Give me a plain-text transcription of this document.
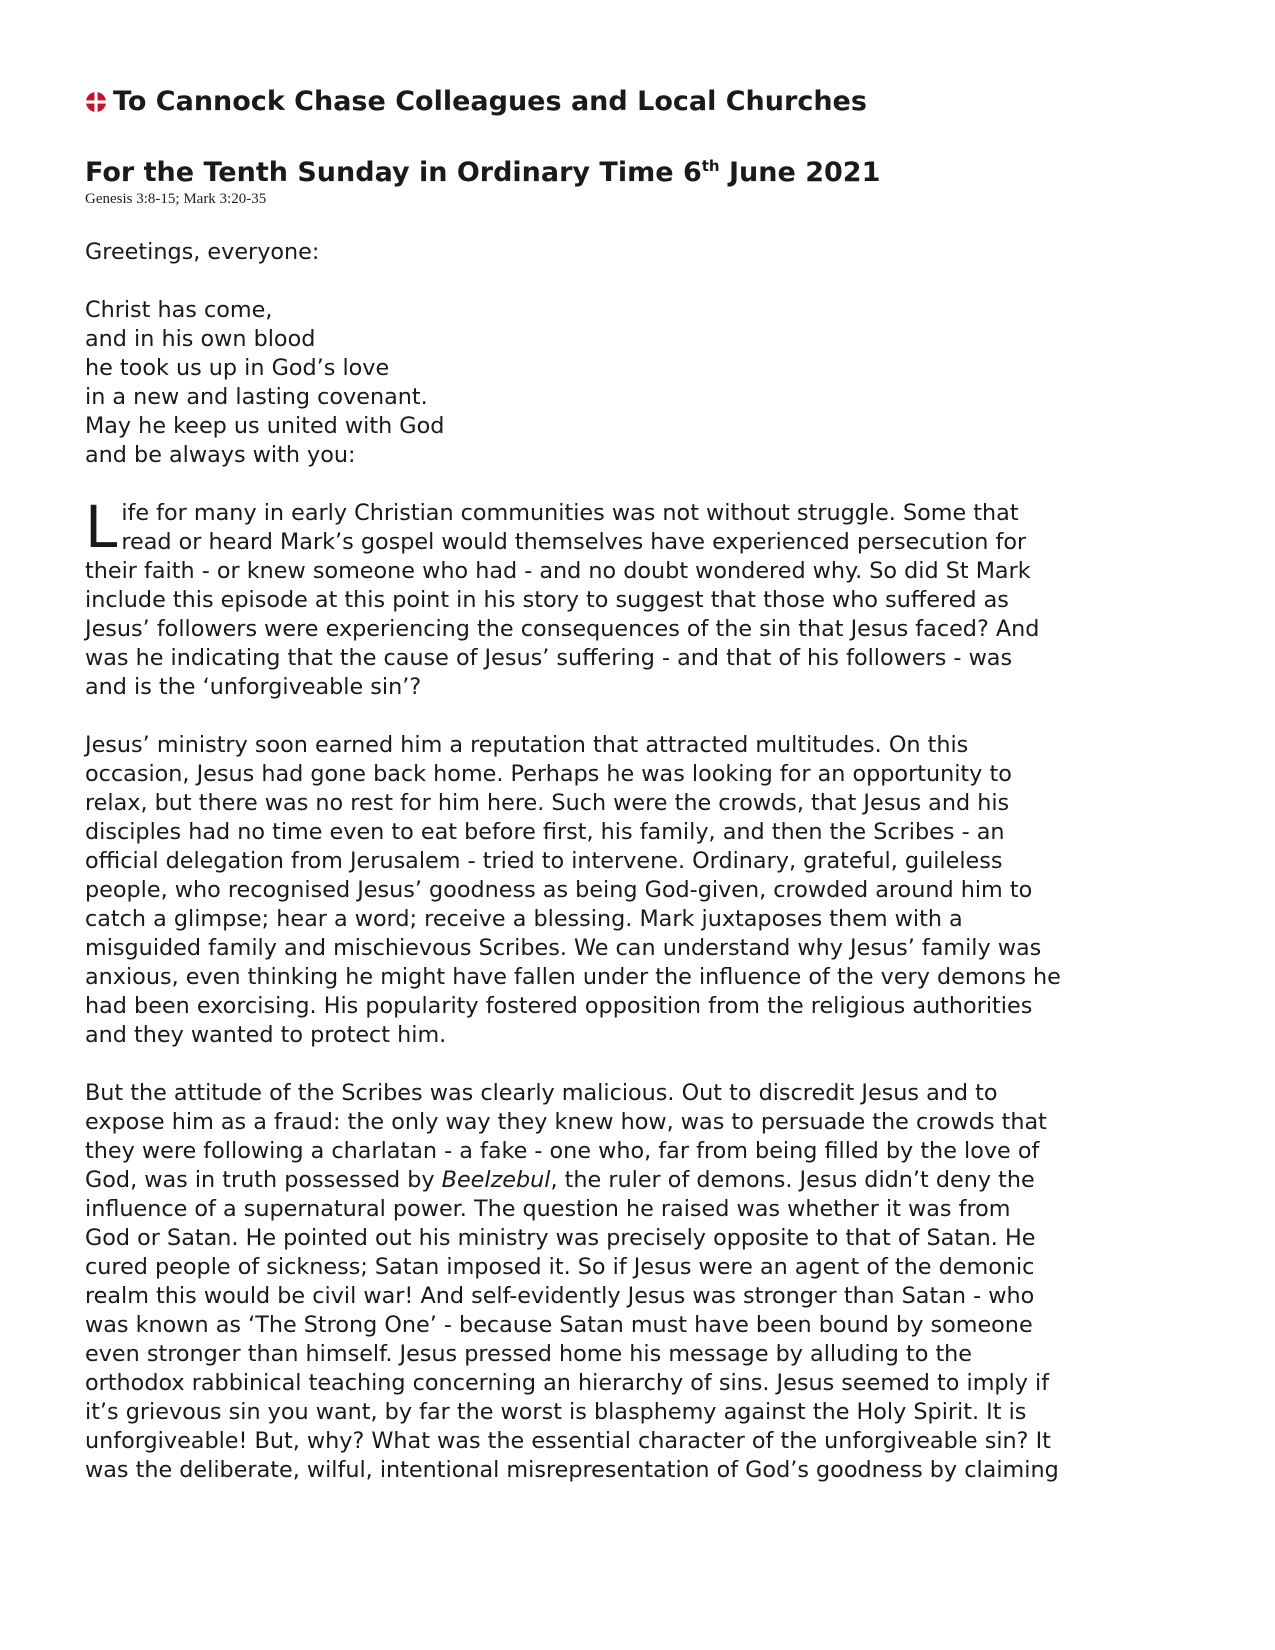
To Cannock Chase Colleagues and Local Churches
For the Tenth Sunday in Ordinary Time 6th June 2021

Genesis 3:8-15; Mark 3:20-35

Greetings, everyone:

Christ has come,
and in his own blood
he took us up in God’s love
in a new and lasting covenant.
May he keep us united with God
and be always with you:
L ife for many in early Christian communities was not without struggle. Some that
read or heard Mark’s gospel would themselves have experienced persecution for
their faith - or knew someone who had - and no doubt wondered why. So did St Mark
include this episode at this point in his story to suggest that those who suffered as
Jesus’ followers were experiencing the consequences of the sin that Jesus faced? And
was he indicating that the cause of Jesus’ suffering - and that of his followers - was
and is the ‘unforgiveable sin’?
Jesus’ ministry soon earned him a reputation that attracted multitudes. On this
occasion, Jesus had gone back home. Perhaps he was looking for an opportunity to
relax, but there was no rest for him here. Such were the crowds, that Jesus and his
disciples had no time even to eat before first, his family, and then the Scribes - an
official delegation from Jerusalem - tried to intervene. Ordinary, grateful, guileless
people, who recognised Jesus’ goodness as being God-given, crowded around him to
catch a glimpse; hear a word; receive a blessing. Mark juxtaposes them with a
misguided family and mischievous Scribes. We can understand why Jesus’ family was
anxious, even thinking he might have fallen under the influence of the very demons he
had been exorcising. His popularity fostered opposition from the religious authorities
and they wanted to protect him.
But the attitude of the Scribes was clearly malicious. Out to discredit Jesus and to
expose him as a fraud: the only way they knew how, was to persuade the crowds that
they were following a charlatan - a fake - one who, far from being filled by the love of
God, was in truth possessed by Beelzebul, the ruler of demons. Jesus didn’t deny the
influence of a supernatural power. The question he raised was whether it was from
God or Satan. He pointed out his ministry was precisely opposite to that of Satan. He
cured people of sickness; Satan imposed it. So if Jesus were an agent of the demonic
realm this would be civil war! And self-evidently Jesus was stronger than Satan - who
was known as ‘The Strong One’ - because Satan must have been bound by someone
even stronger than himself. Jesus pressed home his message by alluding to the
orthodox rabbinical teaching concerning an hierarchy of sins. Jesus seemed to imply if
it’s grievous sin you want, by far the worst is blasphemy against the Holy Spirit. It is
unforgiveable! But, why? What was the essential character of the unforgiveable sin? It
was the deliberate, wilful, intentional misrepresentation of God’s goodness by claiming
